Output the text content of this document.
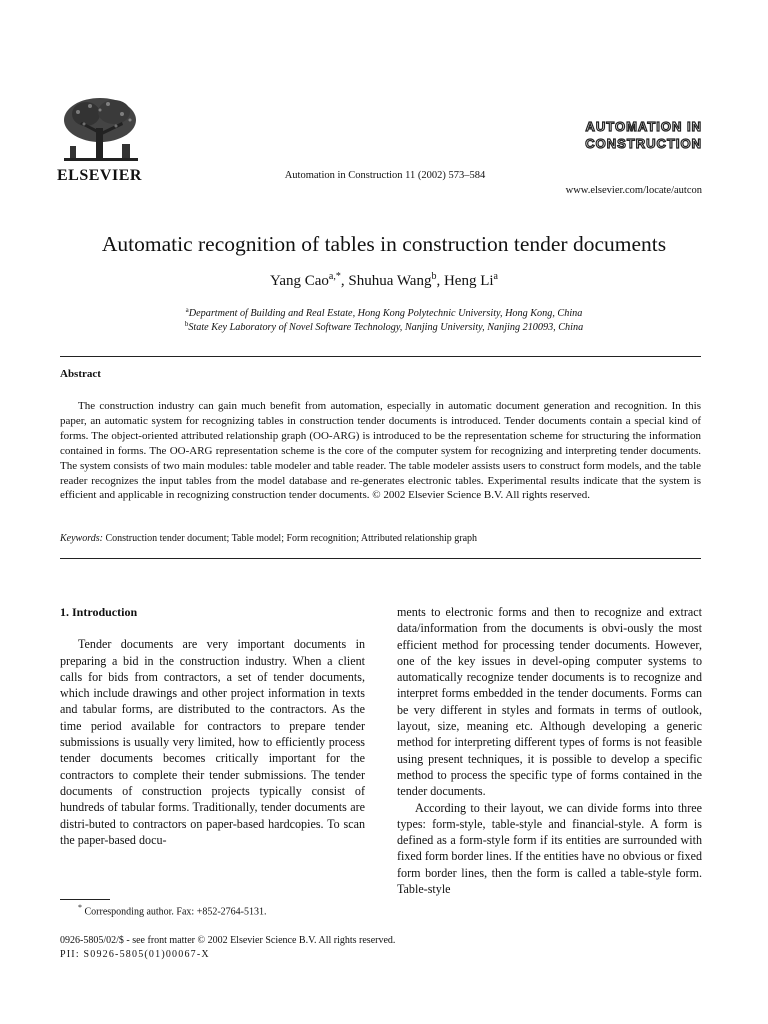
ELSEVIER	Automation in Construction 11 (2002) 573–584
AUTOMATION IN
CONSTRUCTION
www.elsevier.com/locate/autcon
Automatic recognition of tables in construction tender documents
Yang Cao$^{a,*}$, Shuhua Wang$^b$, Heng Li$^a$
$^a$Department of Building and Real Estate, Hong Kong Polytechnic University, Hong Kong, China
$^b$State Key Laboratory of Novel Software Technology, Nanjing University, Nanjing 210093, China
Abstract
The construction industry can gain much benefit from automation, especially in automatic document generation and recognition. In this paper, an automatic system for recognizing tables in construction tender documents is introduced. Tender documents contain a special kind of forms. The object-oriented attributed relationship graph (OO-ARG) is introduced to be the representation scheme for structuring the information contained in forms. The OO-ARG representation scheme is the core of the computer system for recognizing and interpreting tender documents. The system consists of two main modules: table modeler and table reader. The table modeler assists users to construct form models, and the table reader recognizes the input tables from the model database and re-generates electronic tables. Experimental results indicate that the system is efficient and applicable in recognizing construction tender documents. © 2002 Elsevier Science B.V. All rights reserved.
Keywords: Construction tender document; Table model; Form recognition; Attributed relationship graph
1. Introduction

Tender documents are very important documents in preparing a bid in the construction industry. When a client calls for bids from contractors, a set of tender documents, which include drawings and other project information in texts and tabular forms, are distributed to the contractors. As the time period available for contractors to prepare tender submissions is usually very limited, how to efficiently process tender documents becomes critically important for the contractors to complete their tender submissions. The tender documents of construction projects typically consist of hundreds of tabular forms. Traditionally, tender documents are distri-buted to contractors on paper-based hardcopies. To scan the paper-based docu-

ments to electronic forms and then to recognize and extract data/information from the documents is obvi-ously the most efficient method for processing tender documents. However, one of the key issues in devel-oping computer systems to automatically recognize tender documents is to recognize and interpret forms embedded in the tender documents. Forms can be very different in styles and formats in terms of outlook, layout, size, meaning etc. Although developing a generic method for interpreting different types of forms is not feasible using present techniques, it is possible to develop a specific method to process the specific type of forms contained in the tender documents.

According to their layout, we can divide forms into three types: form-style, table-style and financial-style. A form is defined as a form-style form if its entities are surrounded with fixed form border lines. If the entities have no obvious or fixed form border lines, then the form is called a table-style form. Table-style

* Corresponding author. Fax: +852-2764-5131.
0926-5805/02/$ - see front matter © 2002 Elsevier Science B.V. All rights reserved.
PII: S0926-5805(01)00067-X
